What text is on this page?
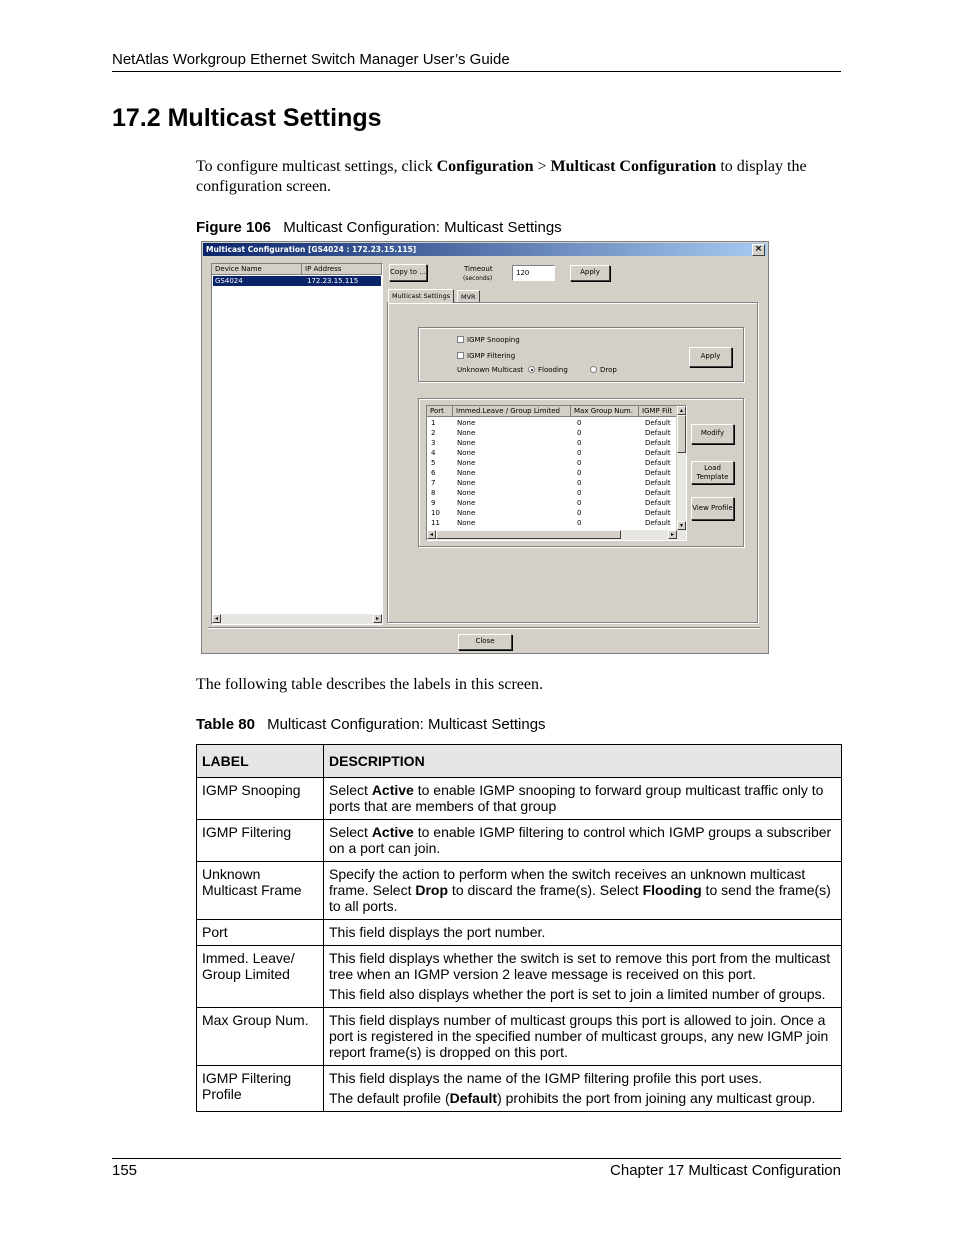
NetAtlas Workgroup Ethernet Switch Manager User’s Guide
17.2 Multicast Settings
To configure multicast settings, click Configuration > Multicast Configuration to display the configuration screen.
Figure 106 Multicast Configuration: Multicast Settings
Multicast Configuration [GS4024 : 172.23.15.115]	×
Device Name	IP Address
GS4024	172.23.15.115
◂	▸
Copy to ...	Timeout
(seconds)
120	Apply
Multicast Settings	MVR
IGMP Snooping
IGMP Filtering
Unknown Multicast	Flooding	Drop
Apply
Port	Immed.Leave / Group Limited	Max Group Num.	IGMP Filt
1	None	0	Default
2	None	0	Default
3	None	0	Default
4	None	0	Default
5	None	0	Default
6	None	0	Default
7	None	0	Default
8	None	0	Default
9	None	0	Default
10 None	0	Default
11 None	0	Default
▴
▾
◂	▸
Modify
Load Template
View Profile
Close
The following table describes the labels in this screen.
Table 80 Multicast Configuration: Multicast Settings
LABEL	DESCRIPTION
IGMP Snooping	Select Active to enable IGMP snooping to forward group multicast traffic only to ports that are members of that group
IGMP Filtering	Select Active to enable IGMP filtering to control which IGMP groups a subscriber on a port can join.
Unknown Multicast Frame	Specify the action to perform when the switch receives an unknown multicast frame. Select Drop to discard the frame(s). Select Flooding to send the frame(s) to all ports.
Port	This field displays the port number.
Immed. Leave/ Group Limited	This field displays whether the switch is set to remove this port from the multicast tree when an IGMP version 2 leave message is received on this port.

This field also displays whether the port is set to join a limited number of groups.

Max Group Num.	This field displays number of multicast groups this port is allowed to join. Once a port is registered in the specified number of multicast groups, any new IGMP join report frame(s) is dropped on this port.
IGMP Filtering Profile	This field displays the name of the IGMP filtering profile this port uses.

The default profile (Default) prohibits the port from joining any multicast group.

155	Chapter 17 Multicast Configuration
